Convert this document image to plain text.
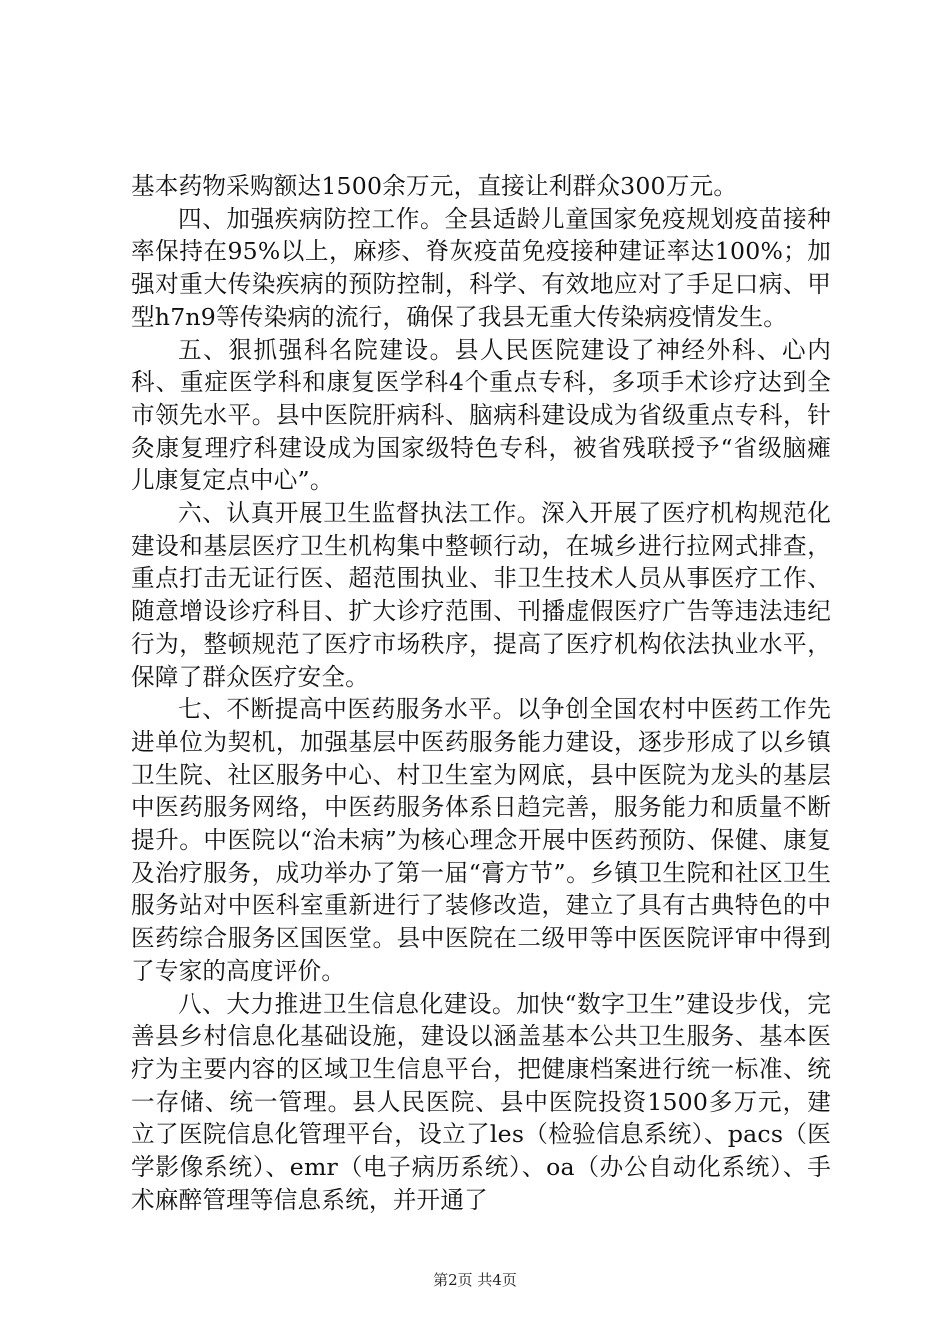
基本药物采购额达1500余万元，直接让利群众300万元。

四、加强疾病防控工作。全县适龄儿童国家免疫规划疫苗接种率保持在95%以上，麻疹、脊灰疫苗免疫接种建证率达100%；加强对重大传染疾病的预防控制，科学、有效地应对了手足口病、甲型h7n9等传染病的流行，确保了我县无重大传染病疫情发生。

五、狠抓强科名院建设。县人民医院建设了神经外科、心内科、重症医学科和康复医学科4个重点专科，多项手术诊疗达到全市领先水平。县中医院肝病科、脑病科建设成为省级重点专科，针灸康复理疗科建设成为国家级特色专科，被省残联授予“省级脑瘫儿康复定点中心”。

六、认真开展卫生监督执法工作。深入开展了医疗机构规范化建设和基层医疗卫生机构集中整顿行动，在城乡进行拉网式排查，重点打击无证行医、超范围执业、非卫生技术人员从事医疗工作、随意增设诊疗科目、扩大诊疗范围、刊播虚假医疗广告等违法违纪行为，整顿规范了医疗市场秩序，提高了医疗机构依法执业水平，保障了群众医疗安全。

七、不断提高中医药服务水平。以争创全国农村中医药工作先进单位为契机，加强基层中医药服务能力建设，逐步形成了以乡镇卫生院、社区服务中心、村卫生室为网底，县中医院为龙头的基层中医药服务网络，中医药服务体系日趋完善，服务能力和质量不断提升。中医院以“治未病”为核心理念开展中医药预防、保健、康复及治疗服务，成功举办了第一届“膏方节”。乡镇卫生院和社区卫生服务站对中医科室重新进行了装修改造，建立了具有古典特色的中医药综合服务区国医堂。县中医院在二级甲等中医医院评审中得到了专家的高度评价。

八、大力推进卫生信息化建设。加快“数字卫生”建设步伐，完善县乡村信息化基础设施，建设以涵盖基本公共卫生服务、基本医疗为主要内容的区域卫生信息平台，把健康档案进行统一标准、统一存储、统一管理。县人民医院、县中医院投资1500多万元，建立了医院信息化管理平台，设立了les（检验信息系统）、pacs（医学影像系统）、emr（电子病历系统）、oa（办公自动化系统）、手术麻醉管理等信息系统，并开通了

第2页 共4页
